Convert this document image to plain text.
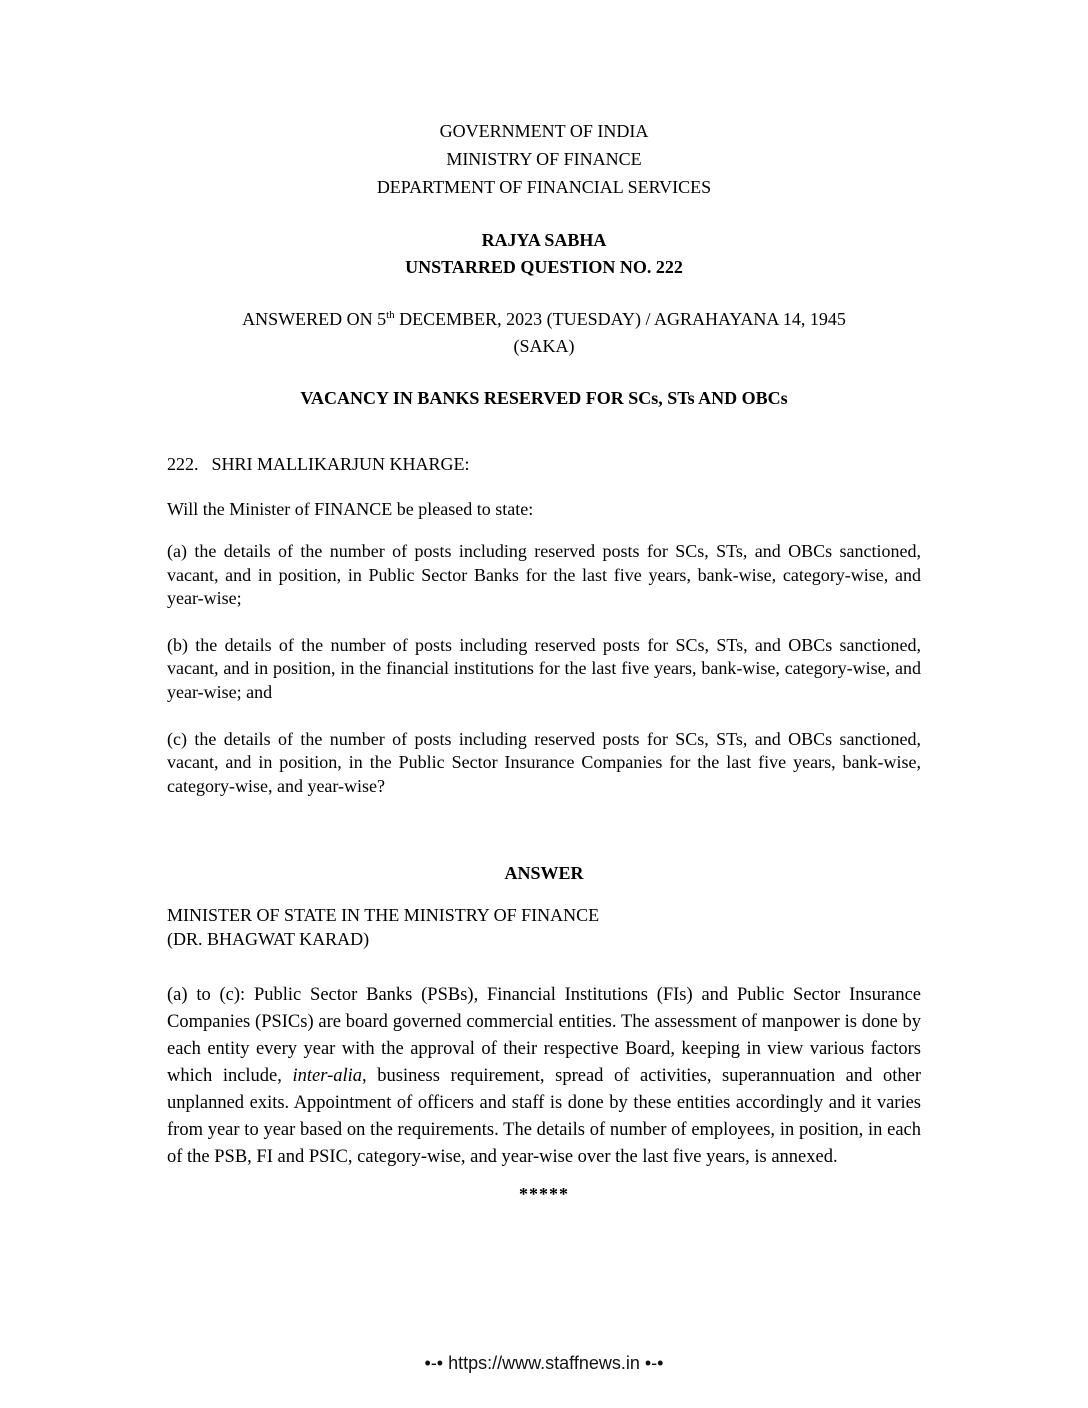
GOVERNMENT OF INDIA
MINISTRY OF FINANCE
DEPARTMENT OF FINANCIAL SERVICES
RAJYA SABHA
UNSTARRED QUESTION NO. 222
ANSWERED ON 5th DECEMBER, 2023 (TUESDAY) / AGRAHAYANA 14, 1945
(SAKA)
VACANCY IN BANKS RESERVED FOR SCs, STs AND OBCs
222. SHRI MALLIKARJUN KHARGE:
Will the Minister of FINANCE be pleased to state:

(a) the details of the number of posts including reserved posts for SCs, STs, and OBCs sanctioned, vacant, and in position, in Public Sector Banks for the last five years, bank-wise, category-wise, and year-wise;

(b) the details of the number of posts including reserved posts for SCs, STs, and OBCs sanctioned, vacant, and in position, in the financial institutions for the last five years, bank-wise, category-wise, and year-wise; and

(c) the details of the number of posts including reserved posts for SCs, STs, and OBCs sanctioned, vacant, and in position, in the Public Sector Insurance Companies for the last five years, bank-wise, category-wise, and year-wise?

ANSWER
MINISTER OF STATE IN THE MINISTRY OF FINANCE
(DR. BHAGWAT KARAD)

(a) to (c): Public Sector Banks (PSBs), Financial Institutions (FIs) and Public Sector Insurance Companies (PSICs) are board governed commercial entities. The assessment of manpower is done by each entity every year with the approval of their respective Board, keeping in view various factors which include, inter-alia, business requirement, spread of activities, superannuation and other unplanned exits. Appointment of officers and staff is done by these entities accordingly and it varies from year to year based on the requirements. The details of number of employees, in position, in each of the PSB, FI and PSIC, category-wise, and year-wise over the last five years, is annexed.

*****
•-• https://www.staffnews.in •-•
